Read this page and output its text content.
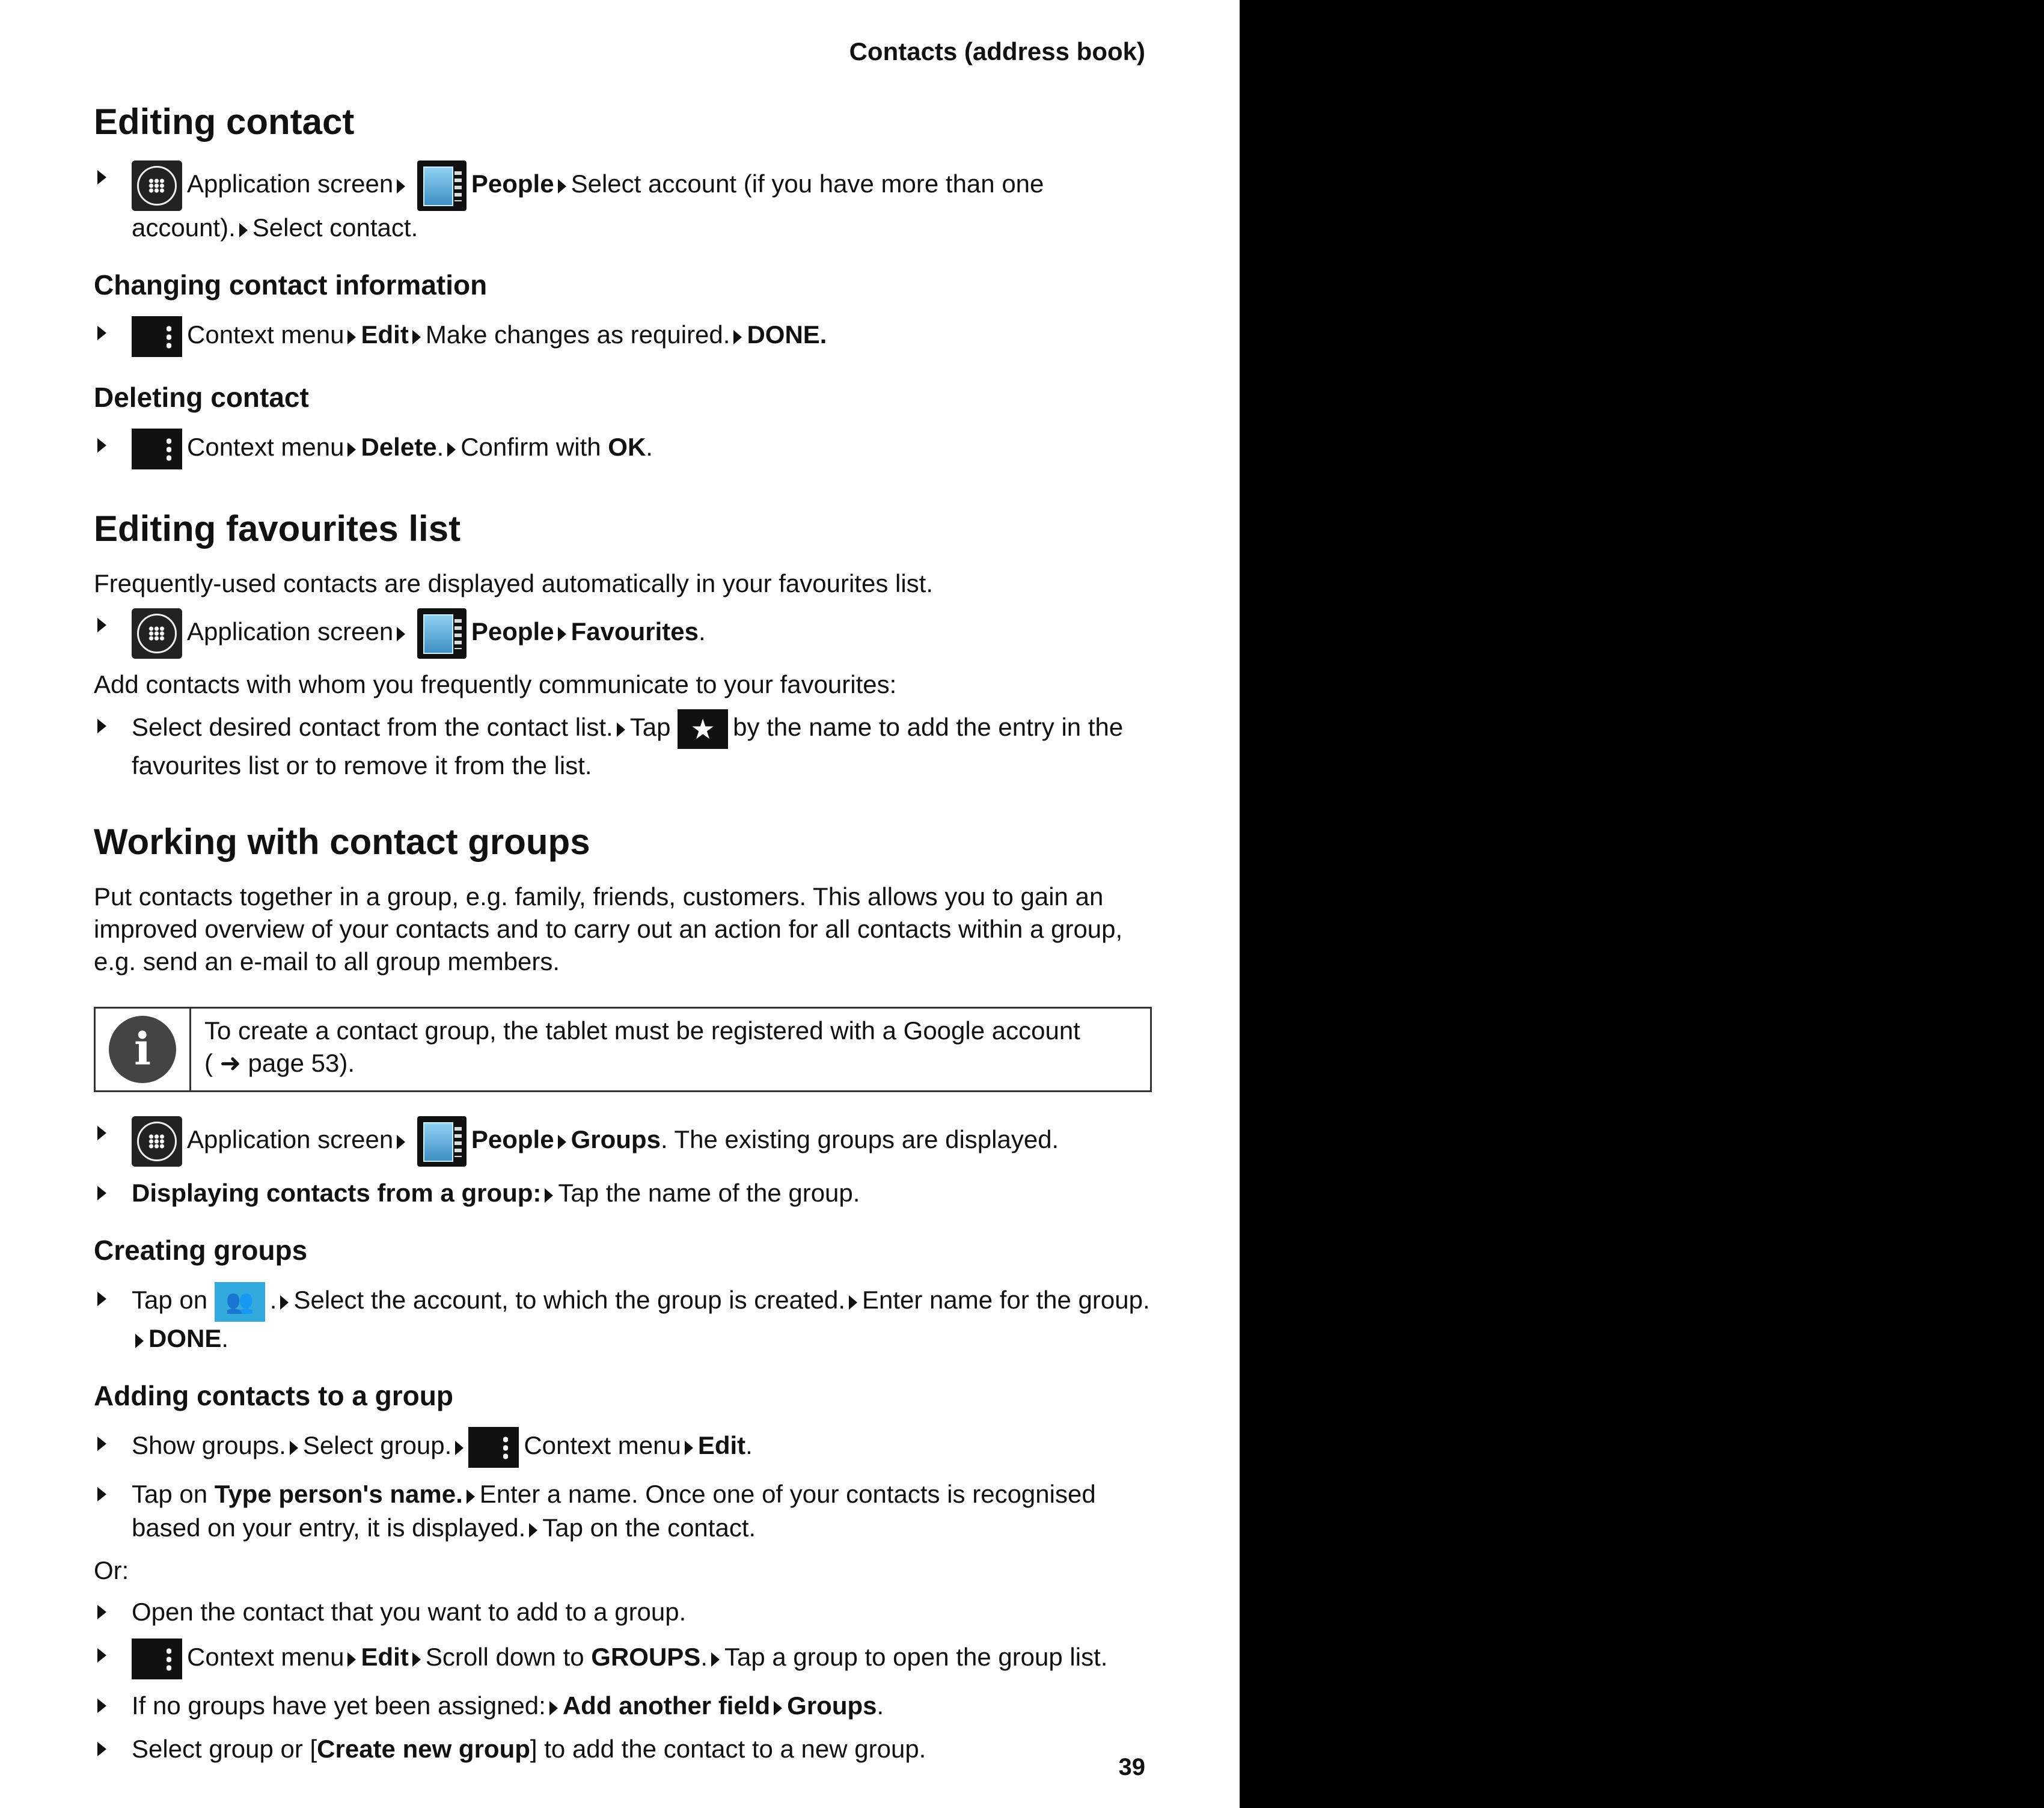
Contacts (address book)
Editing contact
Application screen	People Select account (if you have more than one account). Select contact.
Changing contact information
Context menu Edit Make changes as required. DONE.
Deleting contact
Context menu Delete. Confirm with OK.
Editing favourites list

Frequently-used contacts are displayed automatically in your favourites list.

Application screen	People Favourites.

Add contacts with whom you frequently communicate to your favourites:

Select desired contact from the contact list. Tap ★ by the name to add the entry in the favourites list or to remove it from the list.
Working with contact groups

Put contacts together in a group, e.g. family, friends, customers. This allows you to gain an improved overview of your contacts and to carry out an action for all contacts within a group, e.g. send an e-mail to all group members.

i	To create a contact group, the tablet must be registered with a Google account
( ➜ page 53).
Application screen	People Groups. The existing groups are displayed.
Displaying contacts from a group: Tap the name of the group.
Creating groups
Tap on 👥 . Select the account, to which the group is created. Enter name for the group.
DONE.
Adding contacts to a group
Show groups. Select group.	Context menu Edit.
Tap on Type person's name. Enter a name. Once one of your contacts is recognised based on your entry, it is displayed. Tap on the contact.

Or:

Open the contact that you want to add to a group.
Context menu Edit Scroll down to GROUPS. Tap a group to open the group list.
If no groups have yet been assigned: Add another field Groups.
Select group or [Create new group] to add the contact to a new group.
39
